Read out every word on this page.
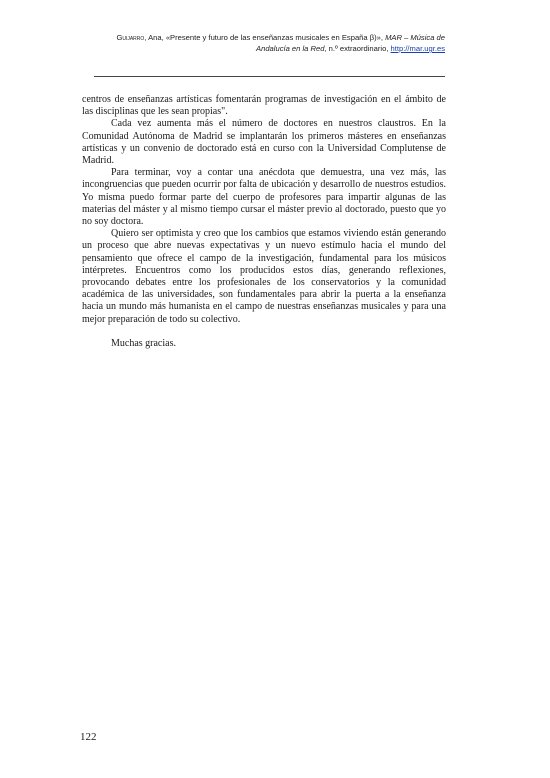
Guijarro, Ana, «Presente y futuro de las enseñanzas musicales en España β)», MAR – Música de
Andalucía en la Red, n.º extraordinario, http://mar.ugr.es

centros de enseñanzas artísticas fomentarán programas de investigación en el ámbito de las disciplinas que les sean propias".

Cada vez aumenta más el número de doctores en nuestros claustros. En la Comunidad Autónoma de Madrid se implantarán los primeros másteres en enseñanzas artísticas y un convenio de doctorado está en curso con la Universidad Complutense de Madrid.

Para terminar, voy a contar una anécdota que demuestra, una vez más, las incongruencias que pueden ocurrir por falta de ubicación y desarrollo de nuestros estudios. Yo misma puedo formar parte del cuerpo de profesores para impartir algunas de las materias del máster y al mismo tiempo cursar el máster previo al doctorado, puesto que yo no soy doctora.

Quiero ser optimista y creo que los cambios que estamos viviendo están generando un proceso que abre nuevas expectativas y un nuevo estímulo hacia el mundo del pensamiento que ofrece el campo de la investigación, fundamental para los músicos intérpretes. Encuentros como los producidos estos días, generando reflexiones, provocando debates entre los profesionales de los conservatorios y la comunidad académica de las universidades, son fundamentales para abrir la puerta a la enseñanza hacia un mundo más humanista en el campo de nuestras enseñanzas musicales y para una mejor preparación de todo su colectivo.

Muchas gracias.

122
